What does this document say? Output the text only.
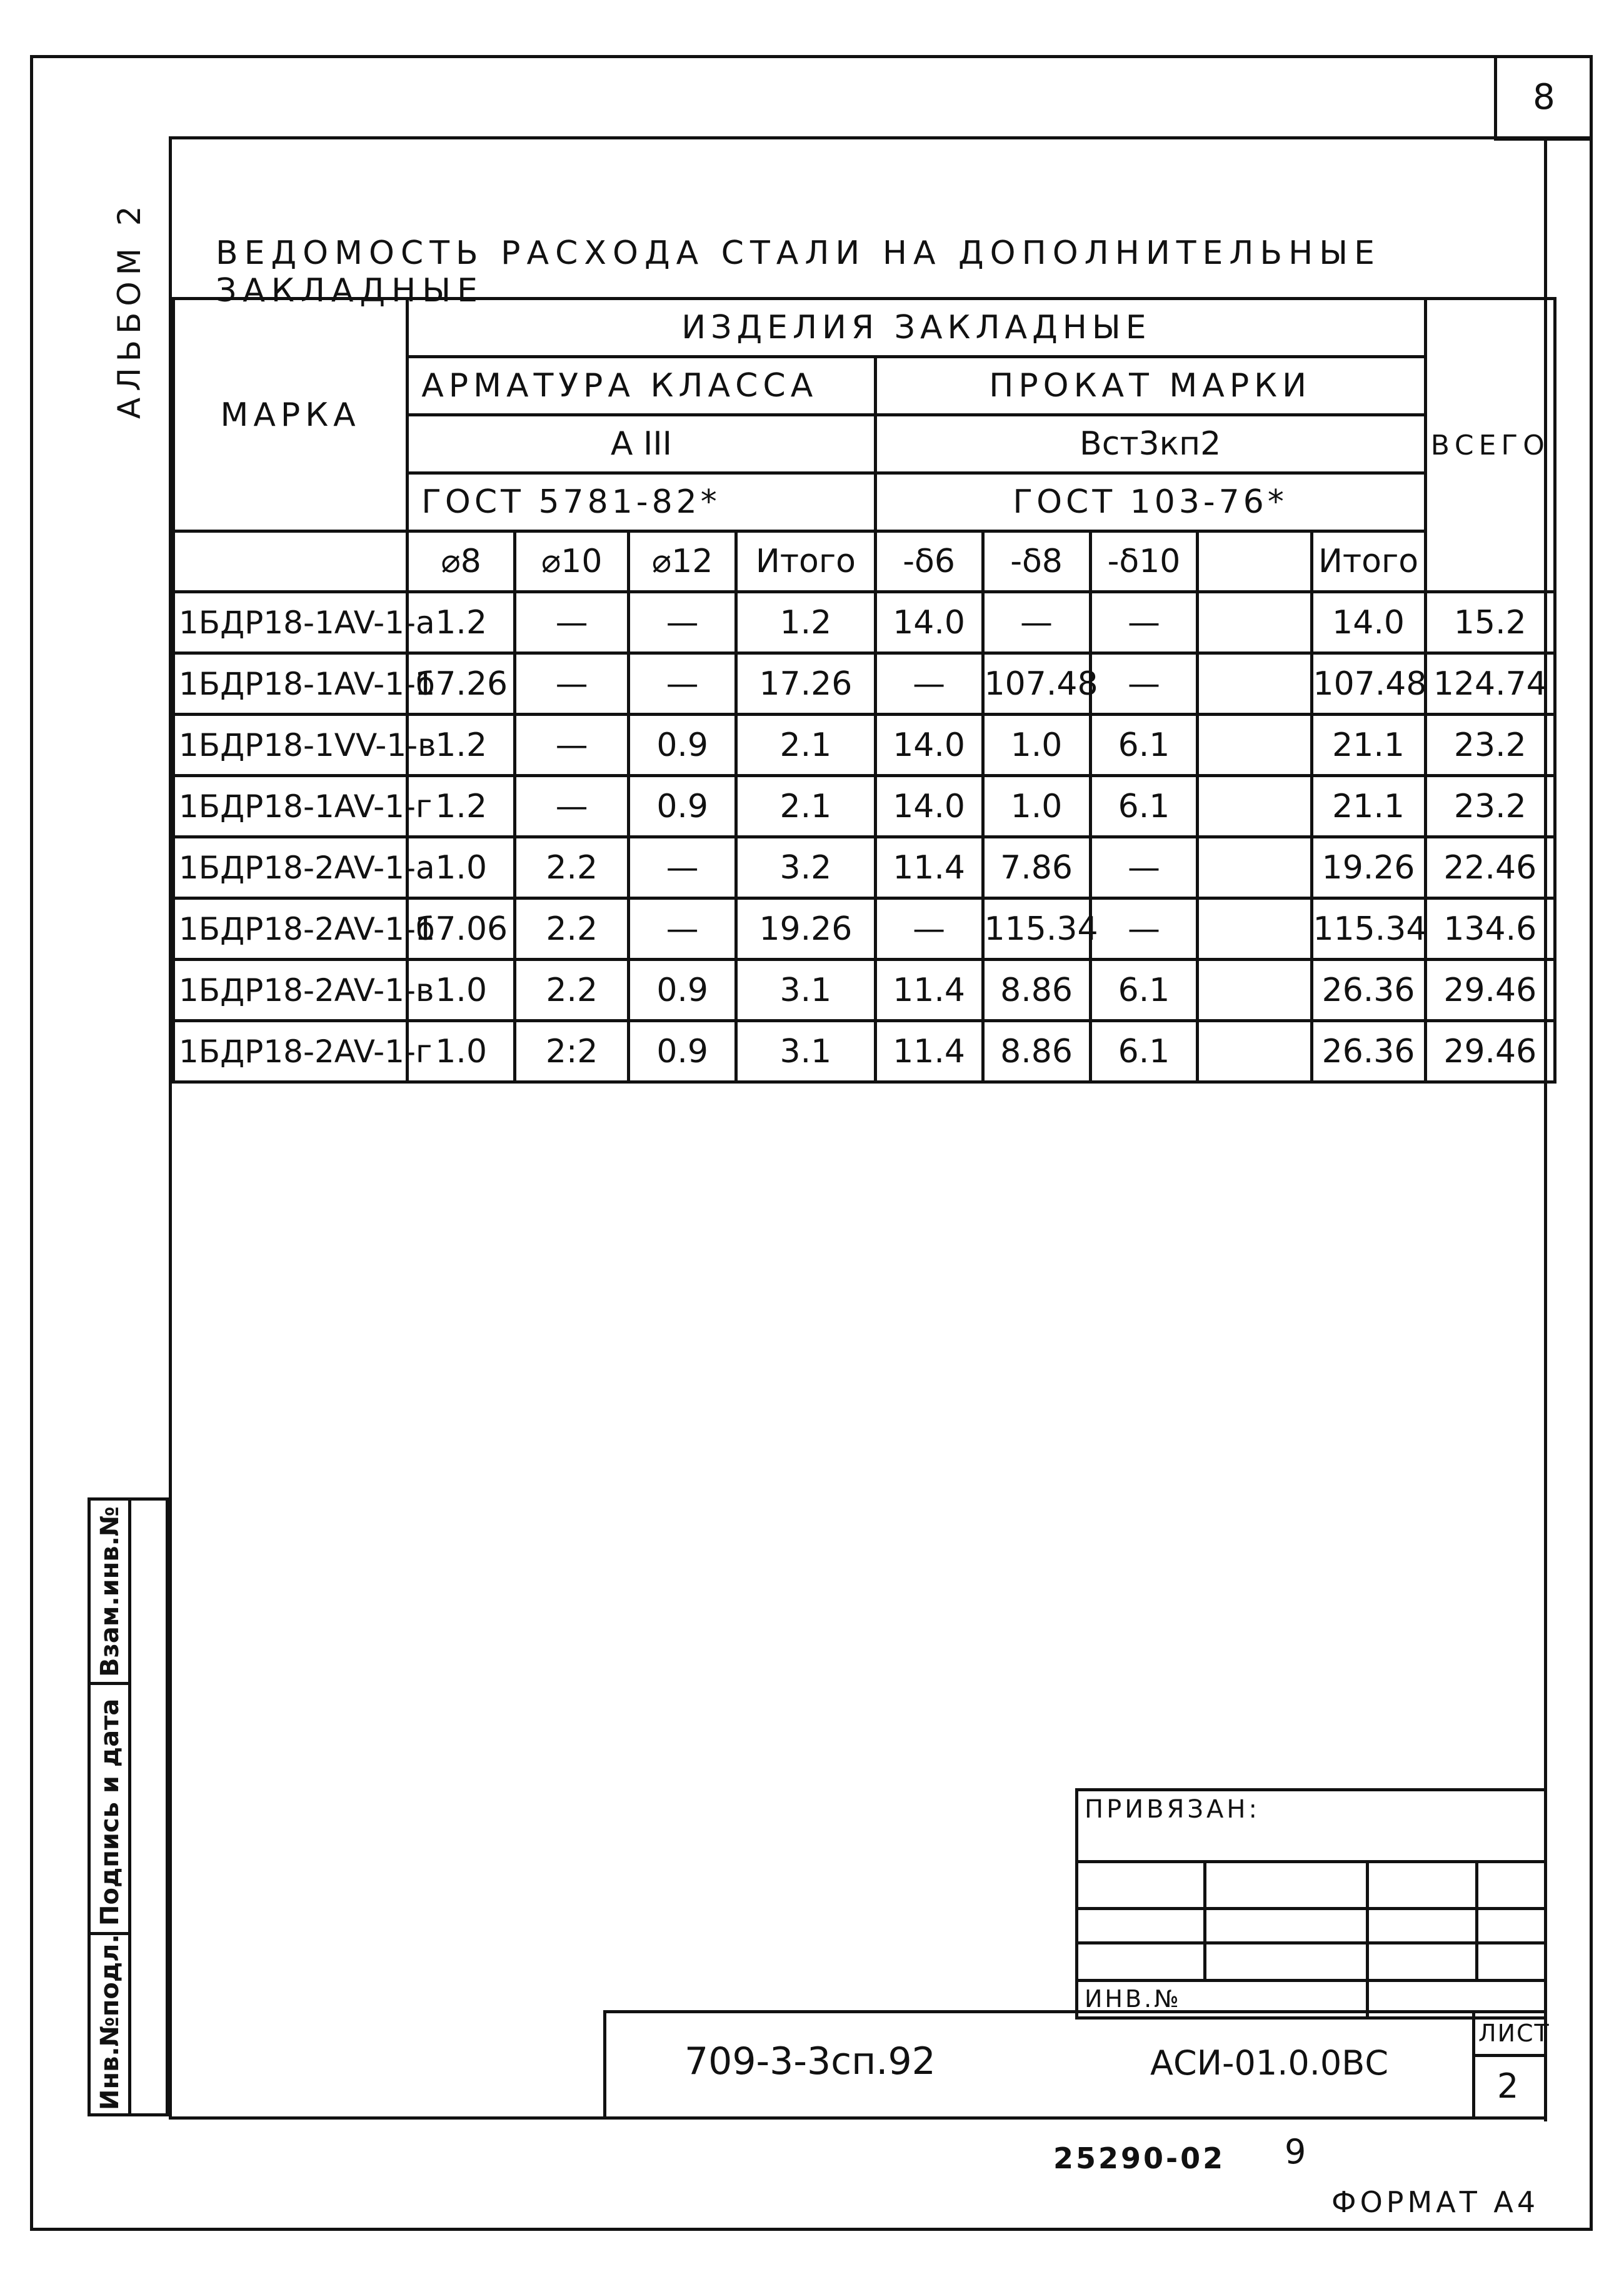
8
АЛЬБОМ 2	ВЕДОМОСТЬ РАСХОДА СТАЛИ НА ДОПОЛНИТЕЛЬНЫЕ ЗАКЛАДНЫЕ
МАРКА	ИЗДЕЛИЯ ЗАКЛАДНЫЕ									ВСЕГО
	АРМАТУРА КЛАССА				ПРОКАТ МАРКИ					
	А III				Вст3кп2					
	ГОСТ 5781-82*				ГОСТ 103-76*					
	⌀8	⌀10	⌀12	Итого	-δ6	-δ8	-δ10		Итого	
1БДР18-1AV-1-а	1.2	—	—	1.2	14.0	—	—		14.0	15.2
1БДР18-1AV-1-б	17.26	—	—	17.26	—	107.48	—		107.48	124.74
1БДР18-1VV-1-в	1.2	—	0.9	2.1	14.0	1.0	6.1		21.1	23.2
1БДР18-1AV-1-г	1.2	—	0.9	2.1	14.0	1.0	6.1		21.1	23.2
1БДР18-2AV-1-а	1.0	2.2	—	3.2	11.4	7.86	—		19.26	22.46
1БДР18-2AV-1-б	17.06	2.2	—	19.26	—	115.34	—		115.34	134.6
1БДР18-2AV-1-в	1.0	2.2	0.9	3.1	11.4	8.86	6.1		26.36	29.46
1БДР18-2AV-1-г	1.0	2:2	0.9	3.1	11.4	8.86	6.1		26.36	29.46
Взам.инв.№
Подпись и дата
Инв.№подл.
ПРИВЯЗАН:
ИНВ.№
709-3-3сп.92	АСИ-01.0.0ВС
ЛИСТ
2
25290-02 9
ФОРМАТ А4
